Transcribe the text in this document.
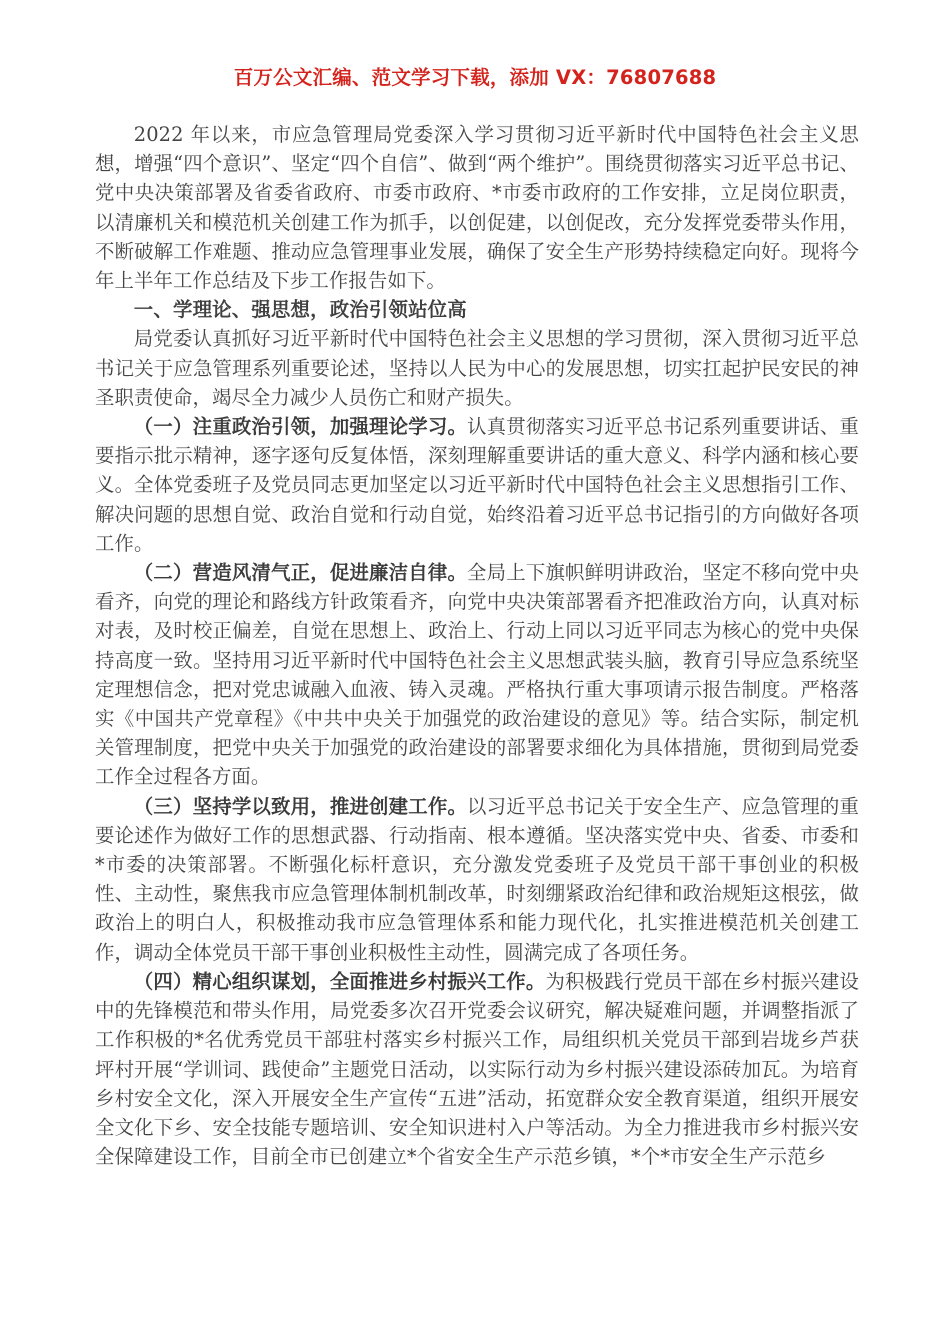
百万公文汇编、范文学习下载，添加 VX：76807688

2022 年以来，市应急管理局党委深入学习贯彻习近平新时代中国特色社会主义思想，增强“四个意识”、坚定“四个自信”、做到“两个维护”。围绕贯彻落实习近平总书记、党中央决策部署及省委省政府、市委市政府、*市委市政府的工作安排，立足岗位职责，以清廉机关和模范机关创建工作为抓手，以创促建，以创促改，充分发挥党委带头作用，不断破解工作难题、推动应急管理事业发展，确保了安全生产形势持续稳定向好。现将今年上半年工作总结及下步工作报告如下。

一、学理论、强思想，政治引领站位高

局党委认真抓好习近平新时代中国特色社会主义思想的学习贯彻，深入贯彻习近平总书记关于应急管理系列重要论述，坚持以人民为中心的发展思想，切实扛起护民安民的神圣职责使命，竭尽全力减少人员伤亡和财产损失。

（一）注重政治引领，加强理论学习。认真贯彻落实习近平总书记系列重要讲话、重要指示批示精神，逐字逐句反复体悟，深刻理解重要讲话的重大意义、科学内涵和核心要义。全体党委班子及党员同志更加坚定以习近平新时代中国特色社会主义思想指引工作、解决问题的思想自觉、政治自觉和行动自觉，始终沿着习近平总书记指引的方向做好各项工作。

（二）营造风清气正，促进廉洁自律。全局上下旗帜鲜明讲政治，坚定不移向党中央看齐，向党的理论和路线方针政策看齐，向党中央决策部署看齐把准政治方向，认真对标对表，及时校正偏差，自觉在思想上、政治上、行动上同以习近平同志为核心的党中央保持高度一致。坚持用习近平新时代中国特色社会主义思想武装头脑，教育引导应急系统坚定理想信念，把对党忠诚融入血液、铸入灵魂。严格执行重大事项请示报告制度。严格落实《中国共产党章程》《中共中央关于加强党的政治建设的意见》等。结合实际，制定机关管理制度，把党中央关于加强党的政治建设的部署要求细化为具体措施，贯彻到局党委工作全过程各方面。

（三）坚持学以致用，推进创建工作。以习近平总书记关于安全生产、应急管理的重要论述作为做好工作的思想武器、行动指南、根本遵循。坚决落实党中央、省委、市委和*市委的决策部署。不断强化标杆意识，充分激发党委班子及党员干部干事创业的积极性、主动性，聚焦我市应急管理体制机制改革，时刻绷紧政治纪律和政治规矩这根弦，做政治上的明白人，积极推动我市应急管理体系和能力现代化，扎实推进模范机关创建工作，调动全体党员干部干事创业积极性主动性，圆满完成了各项任务。

（四）精心组织谋划，全面推进乡村振兴工作。为积极践行党员干部在乡村振兴建设中的先锋模范和带头作用，局党委多次召开党委会议研究，解决疑难问题，并调整指派了工作积极的*名优秀党员干部驻村落实乡村振兴工作，局组织机关党员干部到岩垅乡芦获坪村开展“学训词、践使命”主题党日活动，以实际行动为乡村振兴建设添砖加瓦。为培育乡村安全文化，深入开展安全生产宣传“五进”活动，拓宽群众安全教育渠道，组织开展安全文化下乡、安全技能专题培训、安全知识进村入户等活动。为全力推进我市乡村振兴安全保障建设工作，目前全市已创建立*个省安全生产示范乡镇，*个*市安全生产示范乡
